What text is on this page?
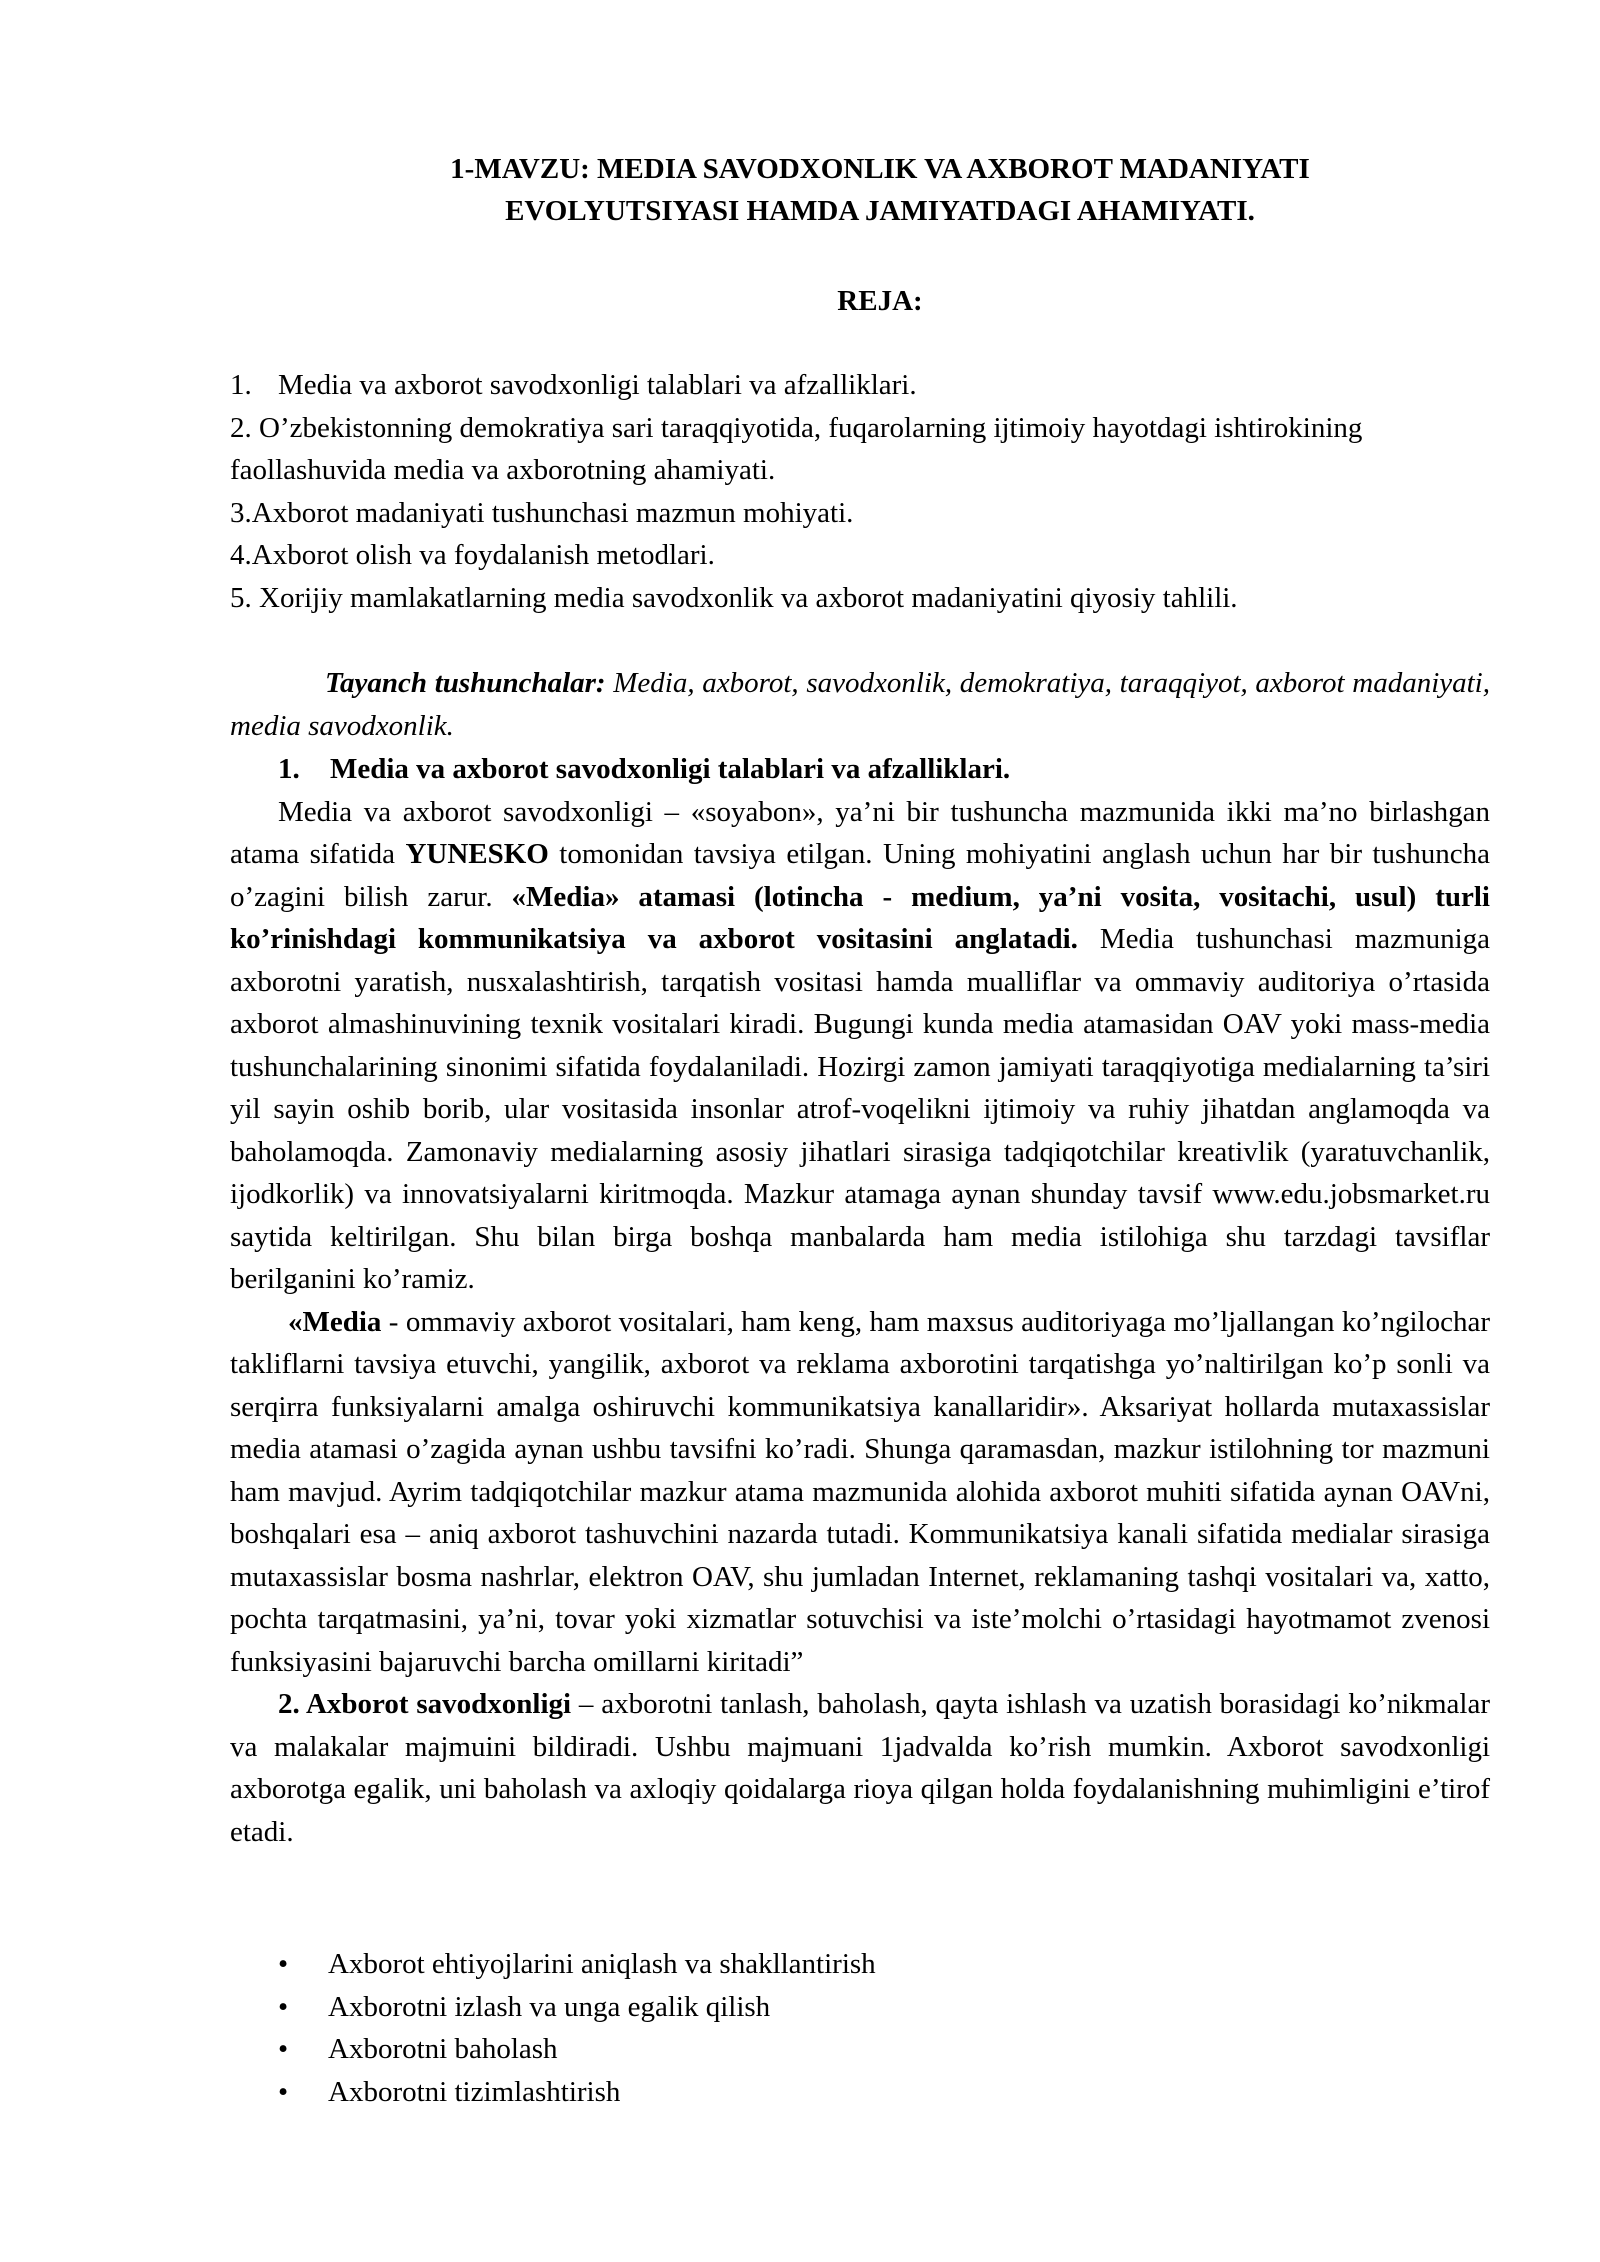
1-MAVZU: MEDIA SAVODXONLIK VA AXBOROT MADANIYATI
EVOLYUTSIYASI HAMDA JAMIYATDAGI AHAMIYATI.
REJA:

1. Media va axborot savodxonligi talablari va afzalliklari.

2. O’zbekistonning demokratiya sari taraqqiyotida, fuqarolarning ijtimoiy hayotdagi ishtirokining faollashuvida media va axborotning ahamiyati.

3.Axborot madaniyati tushunchasi mazmun mohiyati.

4.Axborot olish va foydalanish metodlari.

5. Xorijiy mamlakatlarning media savodxonlik va axborot madaniyatini qiyosiy tahlili.

Tayanch tushunchalar: Media, axborot, savodxonlik, demokratiya, taraqqiyot, axborot madaniyati, media savodxonlik.

1. Media va axborot savodxonligi talablari va afzalliklari.

Media va axborot savodxonligi – «soyabon», ya’ni bir tushuncha mazmunida ikki ma’no birlashgan atama sifatida YUNESKO tomonidan tavsiya etilgan. Uning mohiyatini anglash uchun har bir tushuncha o’zagini bilish zarur. «Media» atamasi (lotincha - medium, ya’ni vosita, vositachi, usul) turli ko’rinishdagi kommunikatsiya va axborot vositasini anglatadi. Media tushunchasi mazmuniga axborotni yaratish, nusxalashtirish, tarqatish vositasi hamda mualliflar va ommaviy auditoriya o’rtasida axborot almashinuvining texnik vositalari kiradi. Bugungi kunda media atamasidan OAV yoki mass-media tushunchalarining sinonimi sifatida foydalaniladi. Hozirgi zamon jamiyati taraqqiyotiga medialarning ta’siri yil sayin oshib borib, ular vositasida insonlar atrof-voqelikni ijtimoiy va ruhiy jihatdan anglamoqda va baholamoqda. Zamonaviy medialarning asosiy jihatlari sirasiga tadqiqotchilar kreativlik (yaratuvchanlik, ijodkorlik) va innovatsiyalarni kiritmoqda. Mazkur atamaga aynan shunday tavsif www.edu.jobsmarket.ru saytida keltirilgan. Shu bilan birga boshqa manbalarda ham media istilohiga shu tarzdagi tavsiflar berilganini ko’ramiz.

«Media - ommaviy axborot vositalari, ham keng, ham maxsus auditoriyaga mo’ljallangan ko’ngilochar takliflarni tavsiya etuvchi, yangilik, axborot va reklama axborotini tarqatishga yo’naltirilgan ko’p sonli va serqirra funksiyalarni amalga oshiruvchi kommunikatsiya kanallaridir». Aksariyat hollarda mutaxassislar media atamasi o’zagida aynan ushbu tavsifni ko’radi. Shunga qaramasdan, mazkur istilohning tor mazmuni ham mavjud. Ayrim tadqiqotchilar mazkur atama mazmunida alohida axborot muhiti sifatida aynan OAVni, boshqalari esa – aniq axborot tashuvchini nazarda tutadi. Kommunikatsiya kanali sifatida medialar sirasiga mutaxassislar bosma nashrlar, elektron OAV, shu jumladan Internet, reklamaning tashqi vositalari va, xatto, pochta tarqatmasini, ya’ni, tovar yoki xizmatlar sotuvchisi va iste’molchi o’rtasidagi hayotmamot zvenosi funksiyasini bajaruvchi barcha omillarni kiritadi”

2. Axborot savodxonligi – axborotni tanlash, baholash, qayta ishlash va uzatish borasidagi ko’nikmalar va malakalar majmuini bildiradi. Ushbu majmuani 1jadvalda ko’rish mumkin. Axborot savodxonligi axborotga egalik, uni baholash va axloqiy qoidalarga rioya qilgan holda foydalanishning muhimligini e’tirof etadi.

•	Axborot ehtiyojlarini aniqlash va shakllantirish
•	Axborotni izlash va unga egalik qilish
•	Axborotni baholash
•	Axborotni tizimlashtirish
